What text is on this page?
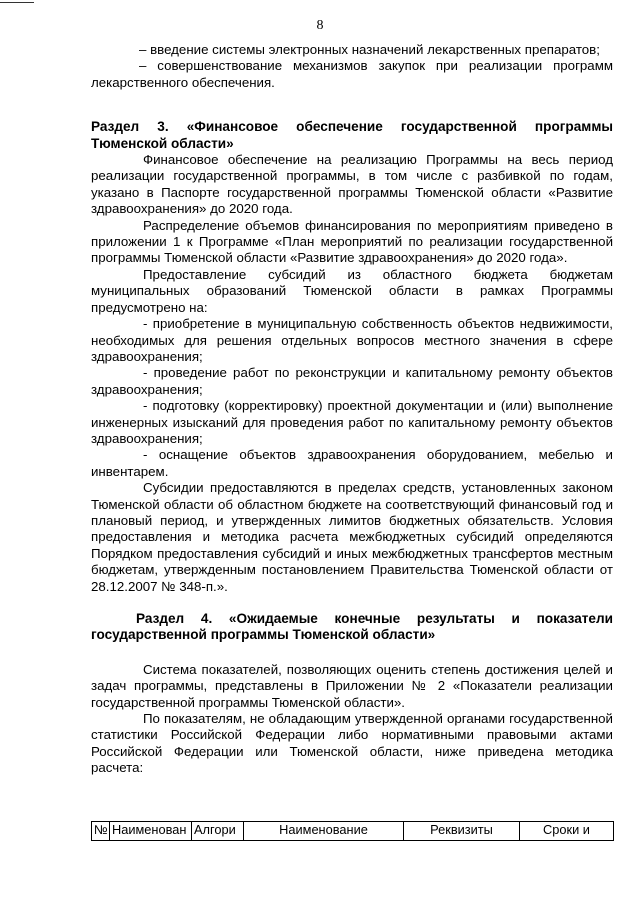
8

– введение системы электронных назначений лекарственных препаратов;

– совершенствование механизмов закупок при реализации программ лекарственного обеспечения.

Раздел 3. «Финансовое обеспечение государственной программы Тюменской области»

Финансовое обеспечение на реализацию Программы на весь период реализации государственной программы, в том числе с разбивкой по годам, указано в Паспорте государственной программы Тюменской области «Развитие здравоохранения» до 2020 года.

Распределение объемов финансирования по мероприятиям приведено в приложении 1 к Программе «План мероприятий по реализации государственной программы Тюменской области «Развитие здравоохранения» до 2020 года».

Предоставление субсидий из областного бюджета бюджетам муниципальных образований Тюменской области в рамках Программы предусмотрено на:

- приобретение в муниципальную собственность объектов недвижимости, необходимых для решения отдельных вопросов местного значения в сфере здравоохранения;

- проведение работ по реконструкции и капитальному ремонту объектов здравоохранения;

- подготовку (корректировку) проектной документации и (или) выполнение инженерных изысканий для проведения работ по капитальному ремонту объектов здравоохранения;

- оснащение объектов здравоохранения оборудованием, мебелью и инвентарем.

Субсидии предоставляются в пределах средств, установленных законом Тюменской области об областном бюджете на соответствующий финансовый год и плановый период, и утвержденных лимитов бюджетных обязательств. Условия предоставления и методика расчета межбюджетных субсидий определяются Порядком предоставления субсидий и иных межбюджетных трансфертов местным бюджетам, утвержденным постановлением Правительства Тюменской области от 28.12.2007 № 348-п.».

Раздел 4. «Ожидаемые конечные результаты и показатели государственной программы Тюменской области»

Система показателей, позволяющих оценить степень достижения целей и задач программы, представлены в Приложении № 2 «Показатели реализации государственной программы Тюменской области».

По показателям, не обладающим утвержденной органами государственной статистики Российской Федерации либо нормативными правовыми актами Российской Федерации или Тюменской области, ниже приведена методика расчета:

№	Наименован	Алгори	Наименование	Реквизиты	Сроки и
